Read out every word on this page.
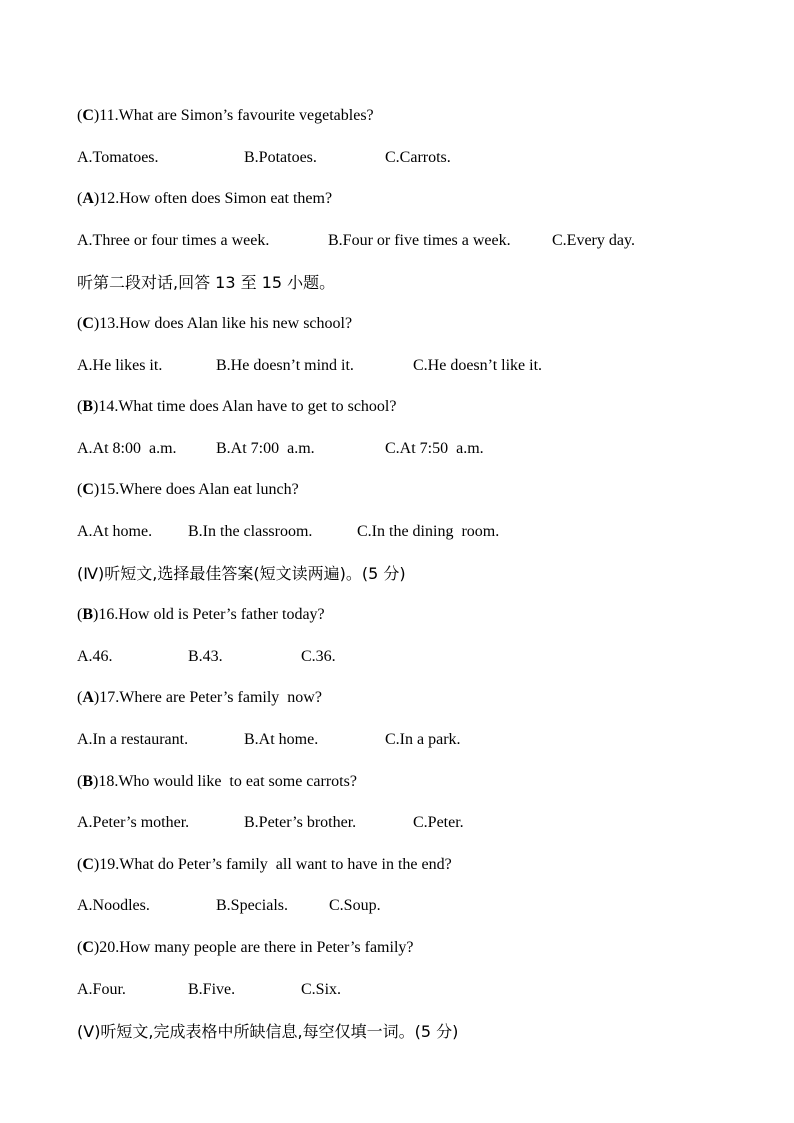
(C)11.What are Simon’s favourite vegetables?
A.Tomatoes.	B.Potatoes.	C.Carrots.
(A)12.How often does Simon eat them?
A.Three or four times a week.	B.Four or five times a week.	C.Every day.
听第二段对话,回答 13 至 15 小题。
(C)13.How does Alan like his new school?
A.He likes it.	B.He doesn’t mind it.	C.He doesn’t like it.
(B)14.What time does Alan have to get to school?
A.At 8:00  a.m. B.At 7:00  a.m.	C.At 7:50  a.m.
(C)15.Where does Alan eat lunch?
A.At home. B.In the classroom.	C.In the dining  room.
(Ⅳ)听短文,选择最佳答案(短文读两遍)。(5 分)
(B)16.How old is Peter’s father today?
A.46.	B.43.	C.36.
(A)17.Where are Peter’s family  now?
A.In a restaurant.	B.At home.	C.In a park.
(B)18.Who would like  to eat some carrots?
A.Peter’s mother.	B.Peter’s brother.	C.Peter.
(C)19.What do Peter’s family  all want to have in the end?
A.Noodles.	B.Specials.	C.Soup.
(C)20.How many people are there in Peter’s family?
A.Four.	B.Five.	C.Six.
(Ⅴ)听短文,完成表格中所缺信息,每空仅填一词。(5 分)
